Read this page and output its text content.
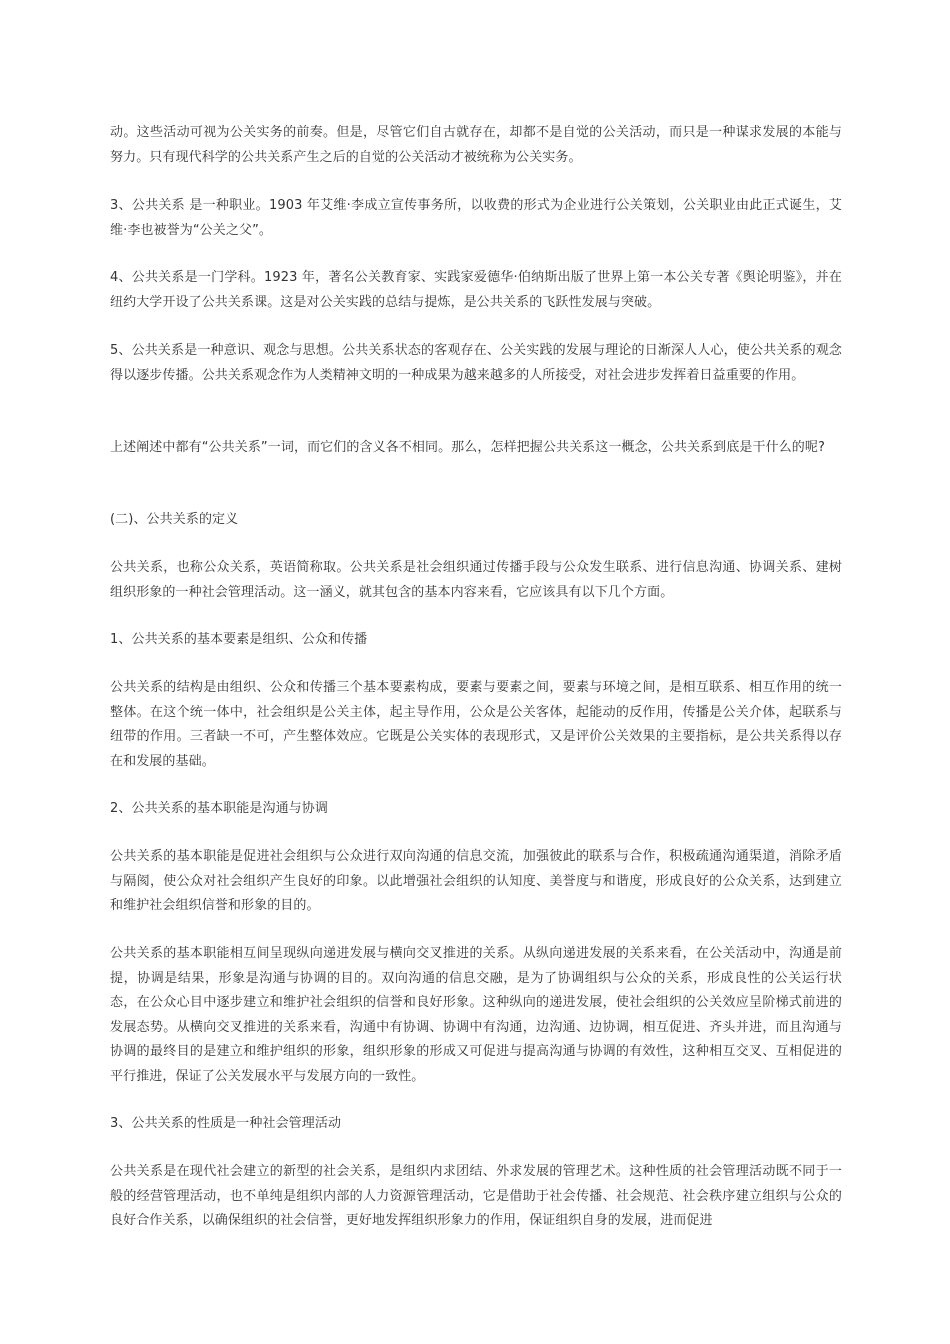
动。这些活动可视为公关实务的前奏。但是，尽管它们自古就存在，却都不是自觉的公关活动，而只是一种谋求发展的本能与努力。只有现代科学的公共关系产生之后的自觉的公关活动才被统称为公关实务。

3、公共关系 是一种职业。1903 年艾维·李成立宣传事务所，以收费的形式为企业进行公关策划，公关职业由此正式诞生，艾维·李也被誉为“公关之父”。

4、公共关系是一门学科。1923 年，著名公关教育家、实践家爱德华·伯纳斯出版了世界上第一本公关专著《舆论明鉴》，并在纽约大学开设了公共关系课。这是对公关实践的总结与提炼，是公共关系的飞跃性发展与突破。

5、公共关系是一种意识、观念与思想。公共关系状态的客观存在、公关实践的发展与理论的日渐深人人心，使公共关系的观念得以逐步传播。公共关系观念作为人类精神文明的一种成果为越来越多的人所接受，对社会进步发挥着日益重要的作用。

上述阐述中都有“公共关系”一词，而它们的含义各不相同。那么，怎样把握公共关系这一概念，公共关系到底是干什么的呢?

(二)、公共关系的定义

公共关系，也称公众关系，英语简称取。公共关系是社会组织通过传播手段与公众发生联系、进行信息沟通、协调关系、建树组织形象的一种社会管理活动。这一涵义，就其包含的基本内容来看，它应该具有以下几个方面。

1、公共关系的基本要素是组织、公众和传播

公共关系的结构是由组织、公众和传播三个基本要素构成，要素与要素之间，要素与环境之间，是相互联系、相互作用的统一整体。在这个统一体中，社会组织是公关主体，起主导作用，公众是公关客体，起能动的反作用，传播是公关介体，起联系与纽带的作用。三者缺一不可，产生整体效应。它既是公关实体的表现形式，又是评价公关效果的主要指标，是公共关系得以存在和发展的基础。

2、公共关系的基本职能是沟通与协调

公共关系的基本职能是促进社会组织与公众进行双向沟通的信息交流，加强彼此的联系与合作，积极疏通沟通渠道，消除矛盾与隔阂，使公众对社会组织产生良好的印象。以此增强社会组织的认知度、美誉度与和谐度，形成良好的公众关系，达到建立和维护社会组织信誉和形象的目的。

公共关系的基本职能相互间呈现纵向递进发展与横向交叉推进的关系。从纵向递进发展的关系来看，在公关活动中，沟通是前提，协调是结果，形象是沟通与协调的目的。双向沟通的信息交融，是为了协调组织与公众的关系，形成良性的公关运行状态，在公众心目中逐步建立和维护社会组织的信誉和良好形象。这种纵向的递进发展，使社会组织的公关效应呈阶梯式前进的发展态势。从横向交叉推进的关系来看，沟通中有协调、协调中有沟通，边沟通、边协调，相互促进、齐头并进，而且沟通与协调的最终目的是建立和维护组织的形象，组织形象的形成又可促进与提高沟通与协调的有效性，这种相互交叉、互相促进的平行推进，保证了公关发展水平与发展方向的一致性。

3、公共关系的性质是一种社会管理活动

公共关系是在现代社会建立的新型的社会关系，是组织内求团结、外求发展的管理艺术。这种性质的社会管理活动既不同于一般的经营管理活动，也不单纯是组织内部的人力资源管理活动，它是借助于社会传播、社会规范、社会秩序建立组织与公众的良好合作关系，以确保组织的社会信誉，更好地发挥组织形象力的作用，保证组织自身的发展，进而促进
